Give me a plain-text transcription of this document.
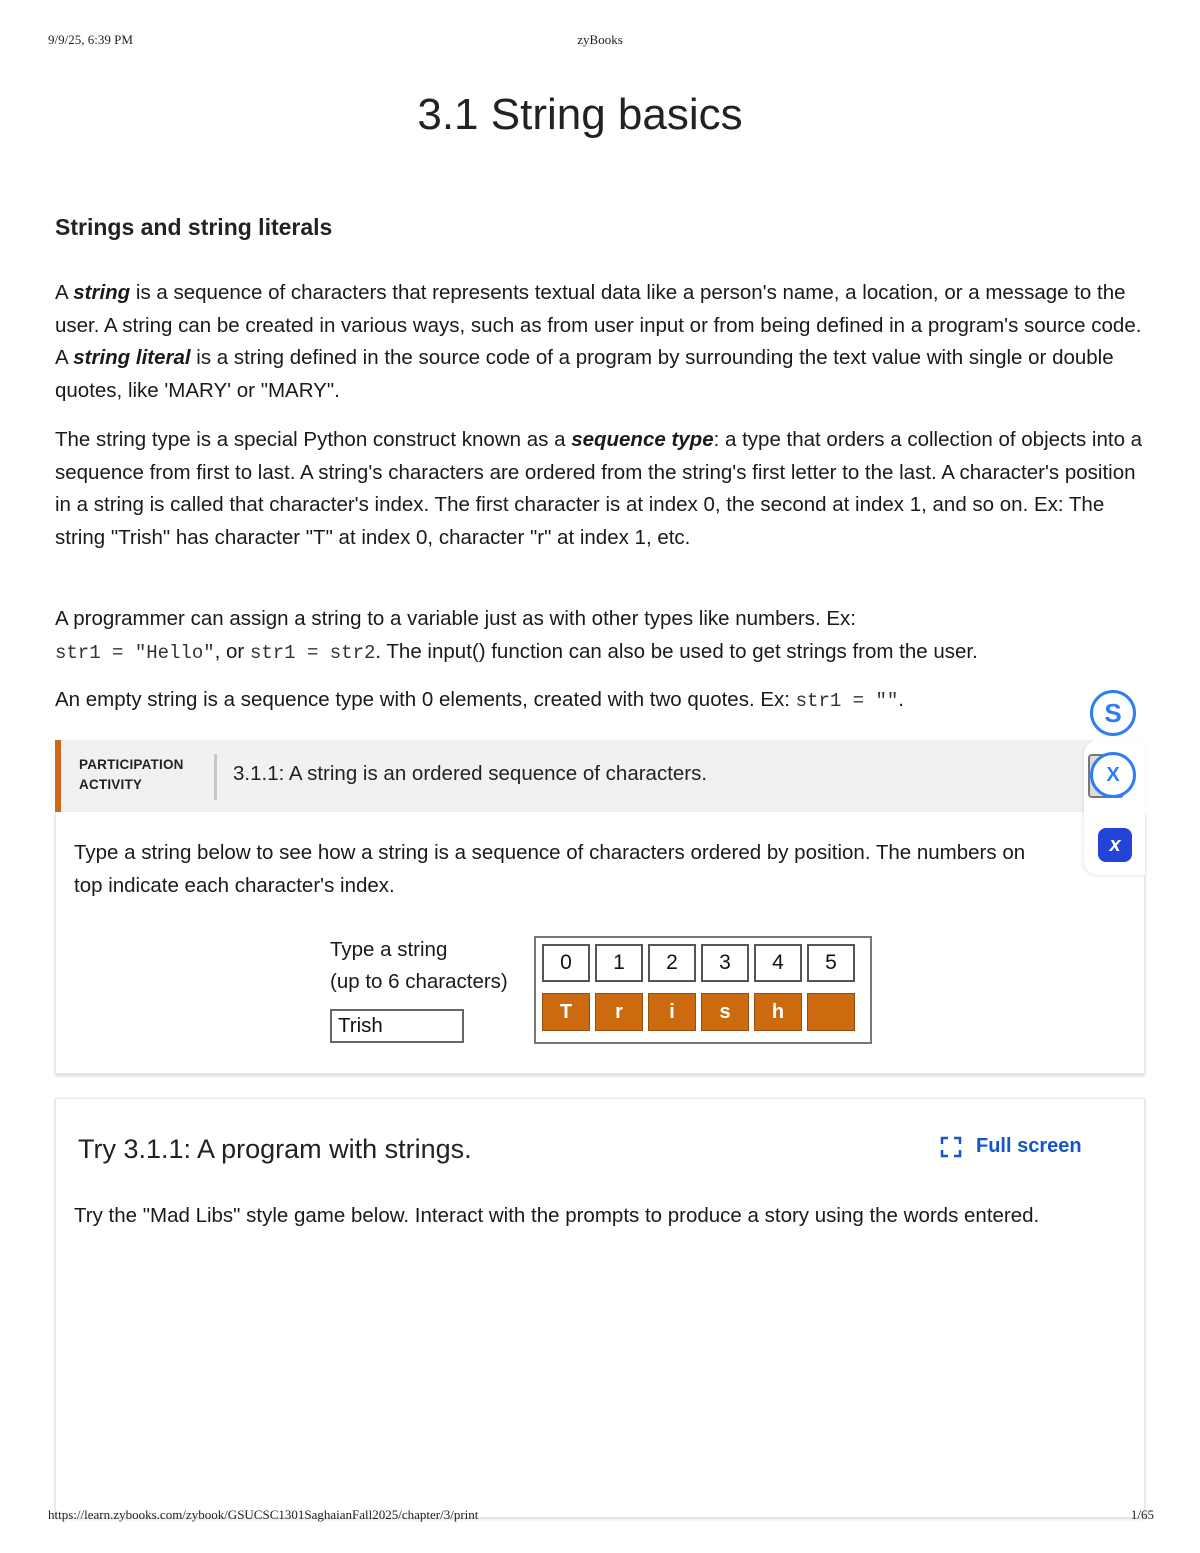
9/9/25, 6:39 PM	zyBooks
3.1 String basics
Strings and string literals

A string is a sequence of characters that represents textual data like a person's name, a location, or a message to the user. A string can be created in various ways, such as from user input or from being defined in a program's source code. A string literal is a string defined in the source code of a program by surrounding the text value with single or double quotes, like 'MARY' or "MARY".

The string type is a special Python construct known as a sequence type: a type that orders a collection of objects into a sequence from first to last. A string's characters are ordered from the string's first letter to the last. A character's position in a string is called that character's index. The first character is at index 0, the second at index 1, and so on. Ex: The string "Trish" has character "T" at index 0, character "r" at index 1, etc.

A programmer can assign a string to a variable just as with other types like numbers. Ex:
str1 = "Hello", or str1 = str2. The input() function can also be used to get strings from the user.

An empty string is a sequence type with 0 elements, created with two quotes. Ex: str1 = "".

PARTICIPATION
ACTIVITY	3.1.1: A string is an ordered sequence of characters.

Type a string below to see how a string is a sequence of characters ordered by position. The numbers on top indicate each character's index.

Type a string
(up to 6 characters)
Trish
0	1	2	3	4	5
T	r	i	s	h
Try 3.1.1: A program with strings.	Full screen

Try the "Mad Libs" style game below. Interact with the prompts to produce a story using the words entered.

S
X
x
https://learn.zybooks.com/zybook/GSUCSC1301SaghaianFall2025/chapter/3/print	1/65
